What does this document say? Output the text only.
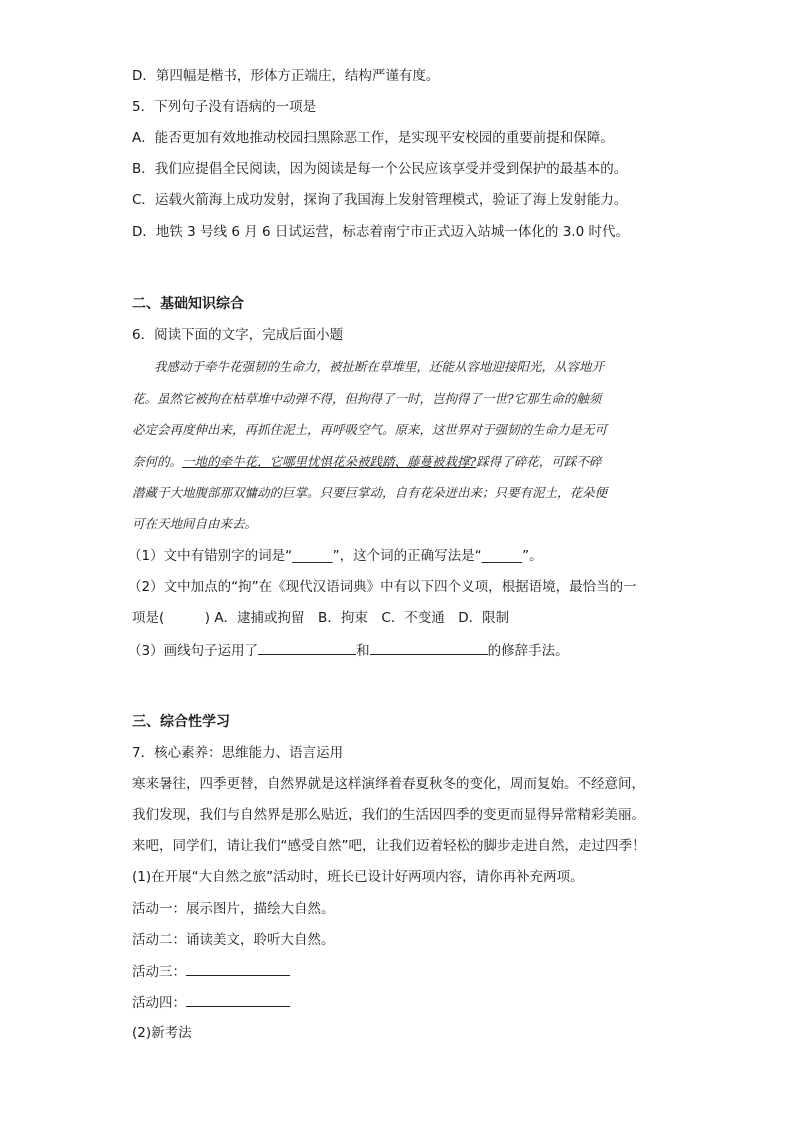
D．第四幅是楷书，形体方正端庄，结构严谨有度。
5．下列句子没有语病的一项是
A．能否更加有效地推动校园扫黑除恶工作，是实现平安校园的重要前提和保障。
B．我们应提倡全民阅读，因为阅读是每一个公民应该享受并受到保护的最基本的。
C．运载火箭海上成功发射，探询了我国海上发射管理模式，验证了海上发射能力。
D．地铁 3 号线 6 月 6 日试运营，标志着南宁市正式迈入站城一体化的 3.0 时代。
二、基础知识综合
6．阅读下面的文字，完成后面小题
我感动于牵牛花强韧的生命力，被扯断在草堆里，还能从容地迎接阳光，从容地开
花。虽然它被拘在枯草堆中动弹不得，但拘得了一时，岂拘得了一世?它那生命的触须
必定会再度伸出来，再抓住泥土，再呼吸空气。原来，这世界对于强韧的生命力是无可
奈何的。一地的牵牛花，它哪里忧惧花朵被践踏、藤蔓被栽撑?踩得了碎花，可踩不碎
潜藏于大地腹部那双慵动的巨掌。只要巨掌动，自有花朵迸出来；只要有泥土，花朵便
可在天地间自由来去。
（1）文中有错别字的词是“______”，这个词的正确写法是“______”。
（2）文中加点的“拘”在《现代汉语词典》中有以下四个义项，根据语境，最恰当的一
项是(　　　) A．逮捕或拘留　B．拘束　C．不变通　D．限制
（3）画线句子运用了	和	的修辞手法。
三、综合性学习
7．核心素养：思维能力、语言运用
寒来暑往，四季更替，自然界就是这样演绎着春夏秋冬的变化，周而复始。不经意间，
我们发现，我们与自然界是那么贴近，我们的生活因四季的变更而显得异常精彩美丽。
来吧，同学们，请让我们“感受自然”吧，让我们迈着轻松的脚步走进自然，走过四季！
(1)在开展“大自然之旅”活动时，班长已设计好两项内容，请你再补充两项。
活动一：展示图片，描绘大自然。
活动二：诵读美文，聆听大自然。
活动三：
活动四：
(2)新考法
